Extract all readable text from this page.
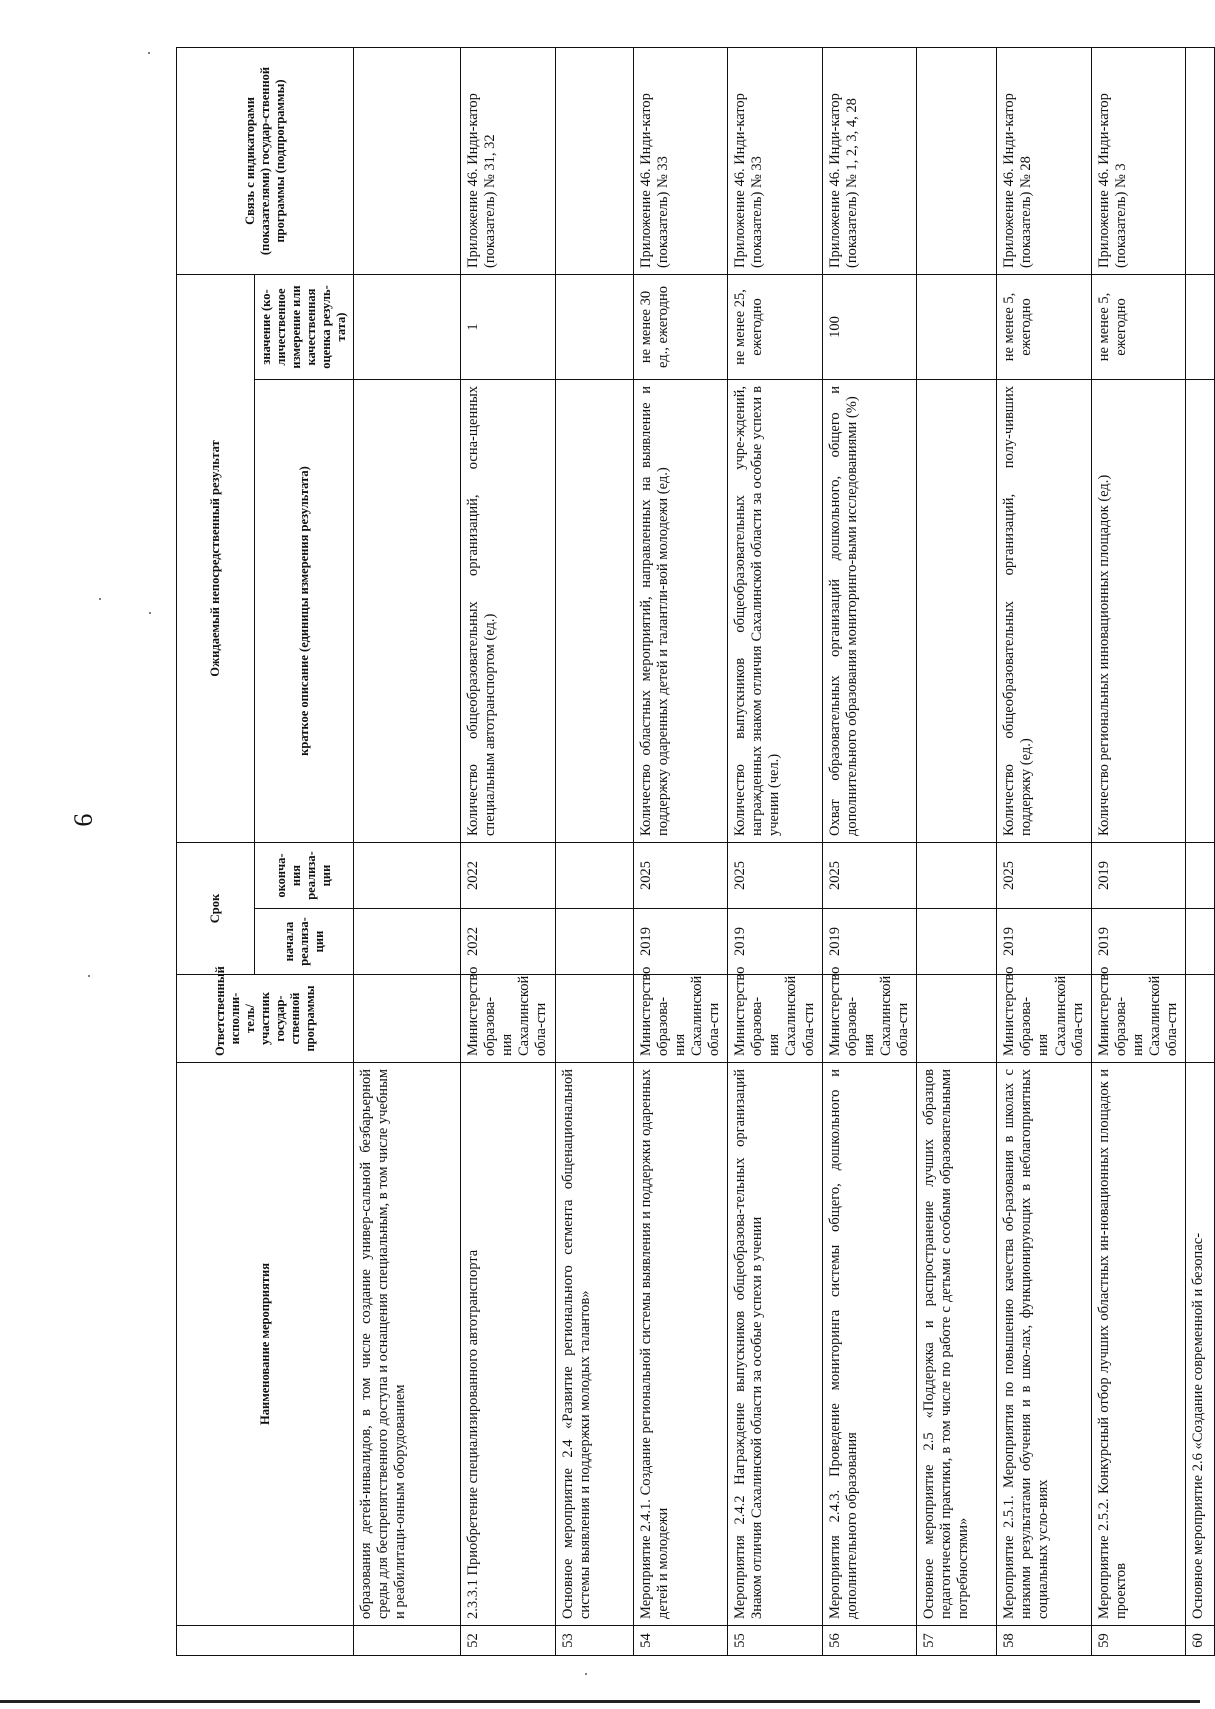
9
	Наименование мероприятия	Ответственный исполни-тель/участник государ-ственной программы	Срок		Ожидаемый непосредственный результат		Связь с индикаторами (показателями) государ-ственной программы (подпрограммы)
			начала реализа-ции	оконча-ния реализа-ции	краткое описание (единицы измерения результата)	значение (ко-личественное измерение или качественная оценка резуль-тата)	
	образования детей-инвалидов, в том числе создание универ-сальной безбарьерной среды для беспрепятственного доступа и оснащения специальным, в том числе учебным и реабилитаци-онным оборудованием						
52	2.3.3.1 Приобретение специализированного автотранспорта	Министерство образова-ния Сахалинской обла-сти	2022	2022	Количество общеобразовательных организаций, осна-щенных специальным автотранспортом (ед.)	1	Приложение 46. Инди-катор (показатель) № 31, 32
53	Основное мероприятие 2.4 «Развитие регионального сегмента общенациональной системы выявления и поддержки молодых талантов»						
54	Мероприятие 2.4.1. Создание региональной системы выявления и поддержки одаренных детей и молодежи	Министерство образова-ния Сахалинской обла-сти	2019	2025	Количество областных мероприятий, направленных на выявление и поддержку одаренных детей и талантли-вой молодежи (ед.)	не менее 30 ед., ежегодно	Приложение 46. Инди-катор (показатель) № 33
55	Мероприятия 2.4.2 Награждение выпускников общеобразова-тельных организаций Знаком отличия Сахалинской области за особые успехи в учении	Министерство образова-ния Сахалинской обла-сти	2019	2025	Количество выпускников общеобразовательных учре-ждений, награжденных знаком отличия Сахалинской области за особые успехи в учении (чел.)	не менее 25, ежегодно	Приложение 46. Инди-катор (показатель) № 33
56	Мероприятия 2.4.3. Проведение мониторинга системы общего, дошкольного и дополнительного образования	Министерство образова-ния Сахалинской обла-сти	2019	2025	Охват образовательных организаций дошкольного, общего и дополнительного образования мониторинго-выми исследованиями (%)	100	Приложение 46. Инди-катор (показатель) № 1, 2, 3, 4, 28
57	Основное мероприятие 2.5 «Поддержка и распространение лучших образцов педагогической практики, в том числе по работе с детьми с особыми образовательными потребностями»						
58	Мероприятие 2.5.1. Мероприятия по повышению качества об-разования в школах с низкими результатами обучения и в шко-лах, функционирующих в неблагоприятных социальных усло-виях	Министерство образова-ния Сахалинской обла-сти	2019	2025	Количество общеобразовательных организаций, полу-чивших поддержку (ед.)	не менее 5, ежегодно	Приложение 46. Инди-катор (показатель) № 28
59	Мероприятие 2.5.2. Конкурсный отбор лучших областных ин-новационных площадок и проектов	Министерство образова-ния Сахалинской обла-сти	2019	2019	Количество региональных инновационных площадок (ед.)	не менее 5, ежегодно	Приложение 46. Инди-катор (показатель) № 3
60	Основное мероприятие 2.6 «Создание современной и безопас-						
